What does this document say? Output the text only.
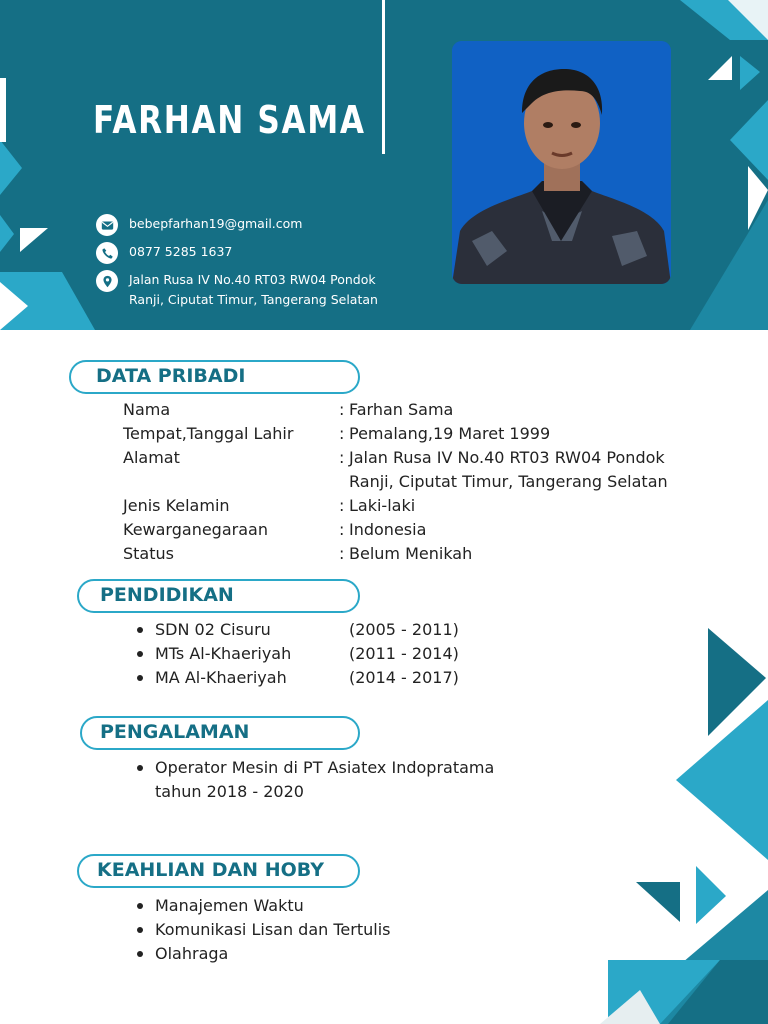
FARHAN SAMA
bebepfarhan19@gmail.com
0877 5285 1637
Jalan Rusa IV No.40 RT03 RW04 Pondok
Ranji, Ciputat Timur, Tangerang Selatan
DATA PRIBADI
Nama	: Farhan Sama
Tempat,Tanggal Lahir	: Pemalang,19 Maret 1999
Alamat	: Jalan Rusa IV No.40 RT03 RW04 Pondok
Ranji, Ciputat Timur, Tangerang Selatan
Jenis Kelamin	: Laki-laki
Kewarganegaraan	: Indonesia
Status	: Belum Menikah
PENDIDIKAN
SDN 02 Cisuru	(2005 - 2011)
MTs Al-Khaeriyah	(2011 - 2014)
MA Al-Khaeriyah	(2014 - 2017)
PENGALAMAN
Operator Mesin di PT Asiatex Indopratama
tahun 2018 - 2020
KEAHLIAN DAN HOBY
Manajemen Waktu
Komunikasi Lisan dan Tertulis
Olahraga
